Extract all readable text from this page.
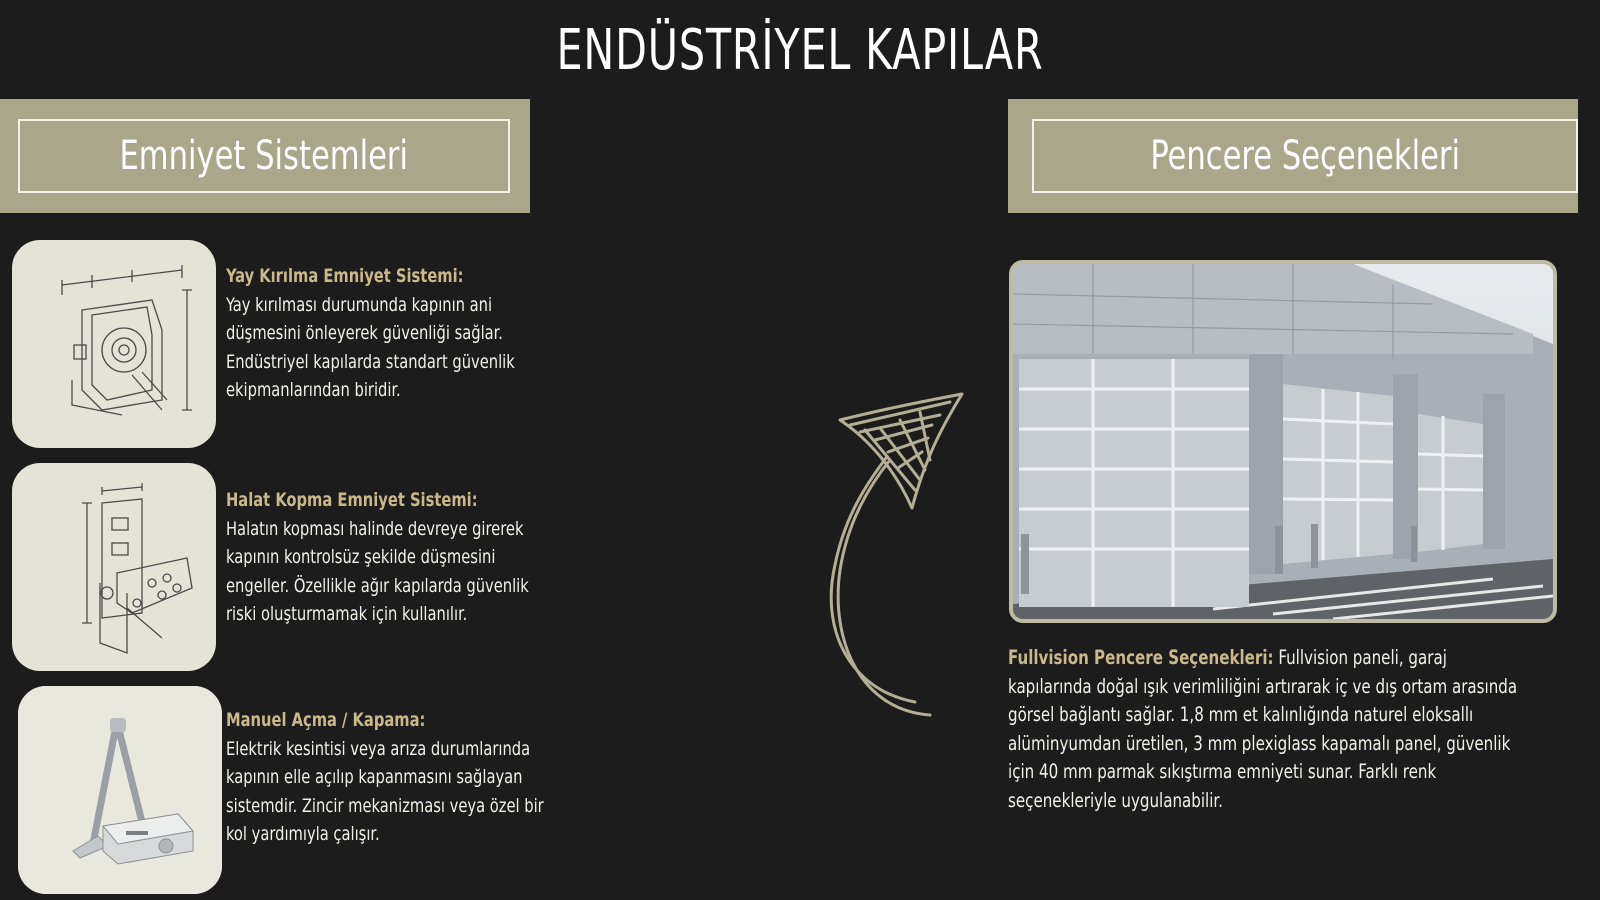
ENDÜSTRİYEL KAPILAR
Emniyet Sistemleri	Pencere Seçenekleri
Yay Kırılma Emniyet Sistemi:
Yay kırılması durumunda kapının ani düşmesini önleyerek güvenliği sağlar. Endüstriyel kapılarda standart güvenlik ekipmanlarından biridir.
Halat Kopma Emniyet Sistemi:
Halatın kopması halinde devreye girerek kapının kontrolsüz şekilde düşmesini engeller. Özellikle ağır kapılarda güvenlik riski oluşturmamak için kullanılır.
Manuel Açma / Kapama:
Elektrik kesintisi veya arıza durumlarında kapının elle açılıp kapanmasını sağlayan sistemdir. Zincir mekanizması veya özel bir kol yardımıyla çalışır.
Fullvision Pencere Seçenekleri: Fullvision paneli, garaj kapılarında doğal ışık verimliliğini artırarak iç ve dış ortam arasında görsel bağlantı sağlar. 1,8 mm et kalınlığında naturel eloksallı alüminyumdan üretilen, 3 mm plexiglass kapamalı panel, güvenlik için 40 mm parmak sıkıştırma emniyeti sunar. Farklı renk seçenekleriyle uygulanabilir.
